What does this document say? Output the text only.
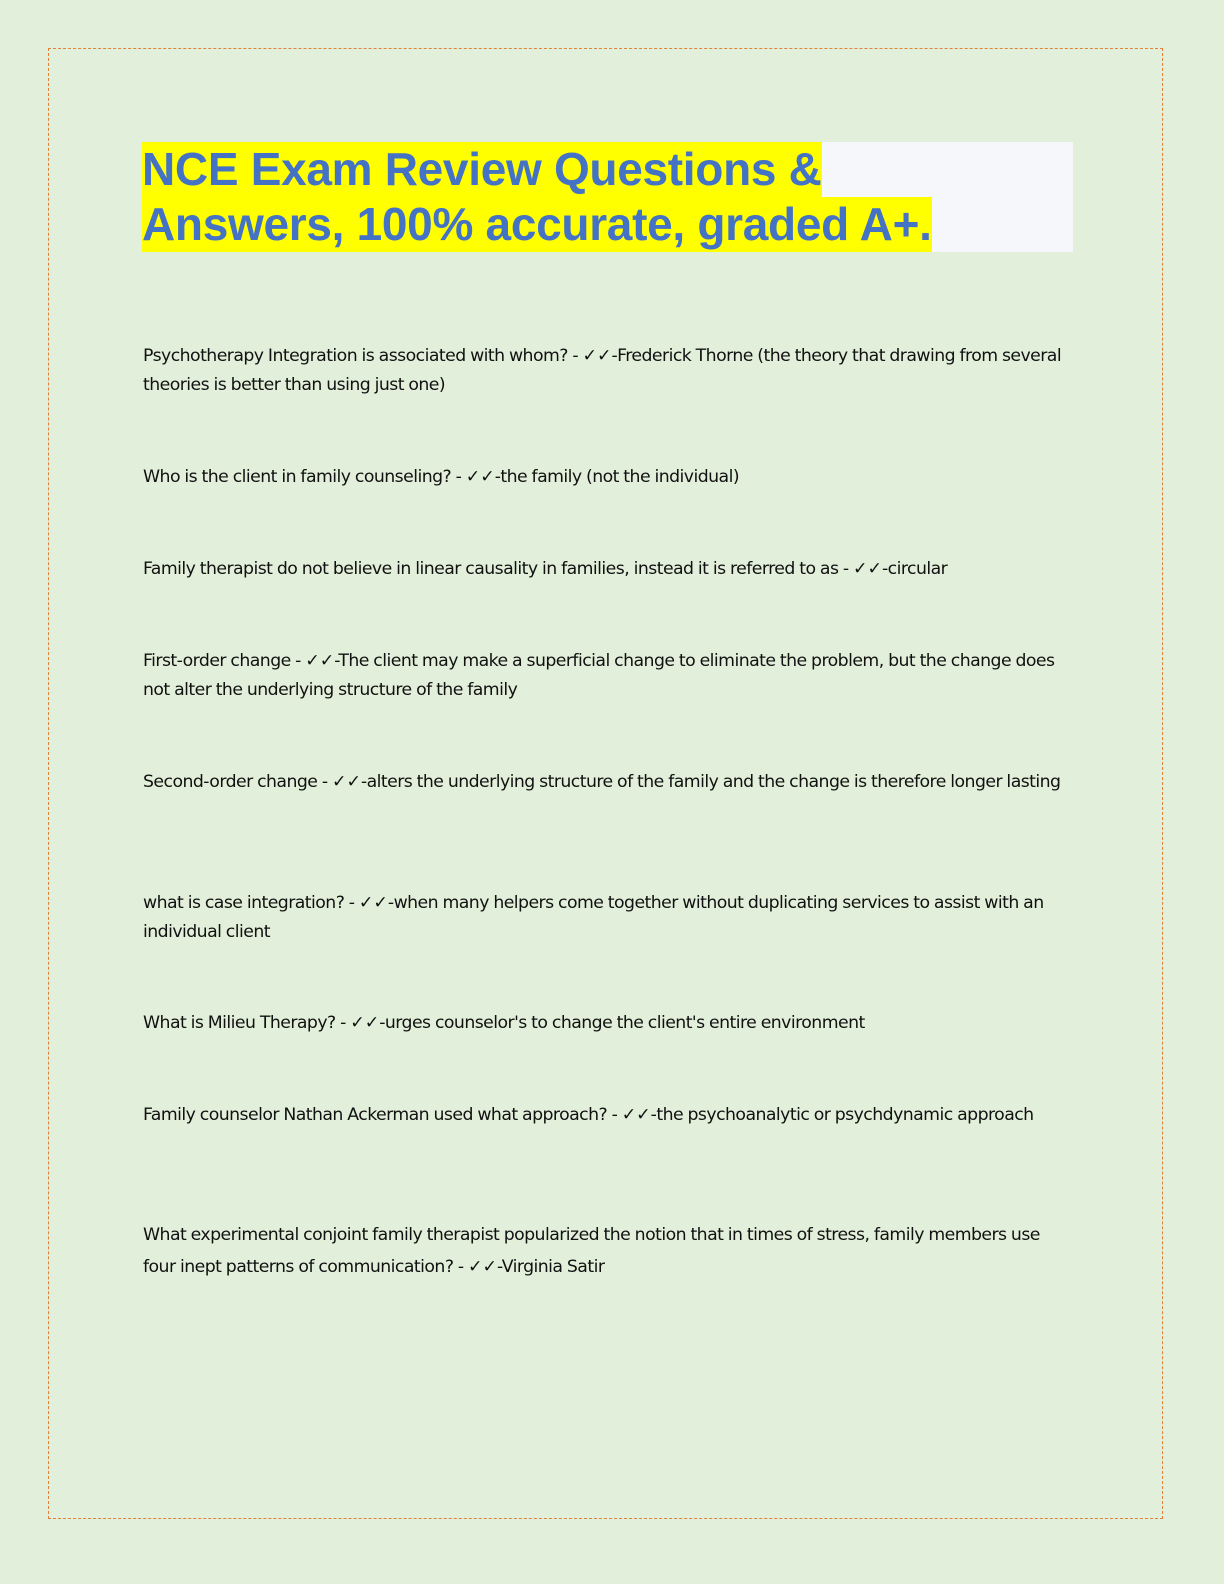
NCE Exam Review Questions &
Answers, 100% accurate, graded A+.
Psychotherapy Integration is associated with whom? - ✓✓-Frederick Thorne (the theory that drawing from several theories is better than using just one)
Who is the client in family counseling? - ✓✓-the family (not the individual)
Family therapist do not believe in linear causality in families, instead it is referred to as - ✓✓-circular
First-order change - ✓✓-The client may make a superficial change to eliminate the problem, but the change does not alter the underlying structure of the family
Second-order change - ✓✓-alters the underlying structure of the family and the change is therefore longer lasting
what is case integration? - ✓✓-when many helpers come together without duplicating services to assist with an individual client
What is Milieu Therapy? - ✓✓-urges counselor's to change the client's entire environment
Family counselor Nathan Ackerman used what approach? - ✓✓-the psychoanalytic or psychdynamic approach
What experimental conjoint family therapist popularized the notion that in times of stress, family members use four inept patterns of communication? - ✓✓-Virginia Satir
